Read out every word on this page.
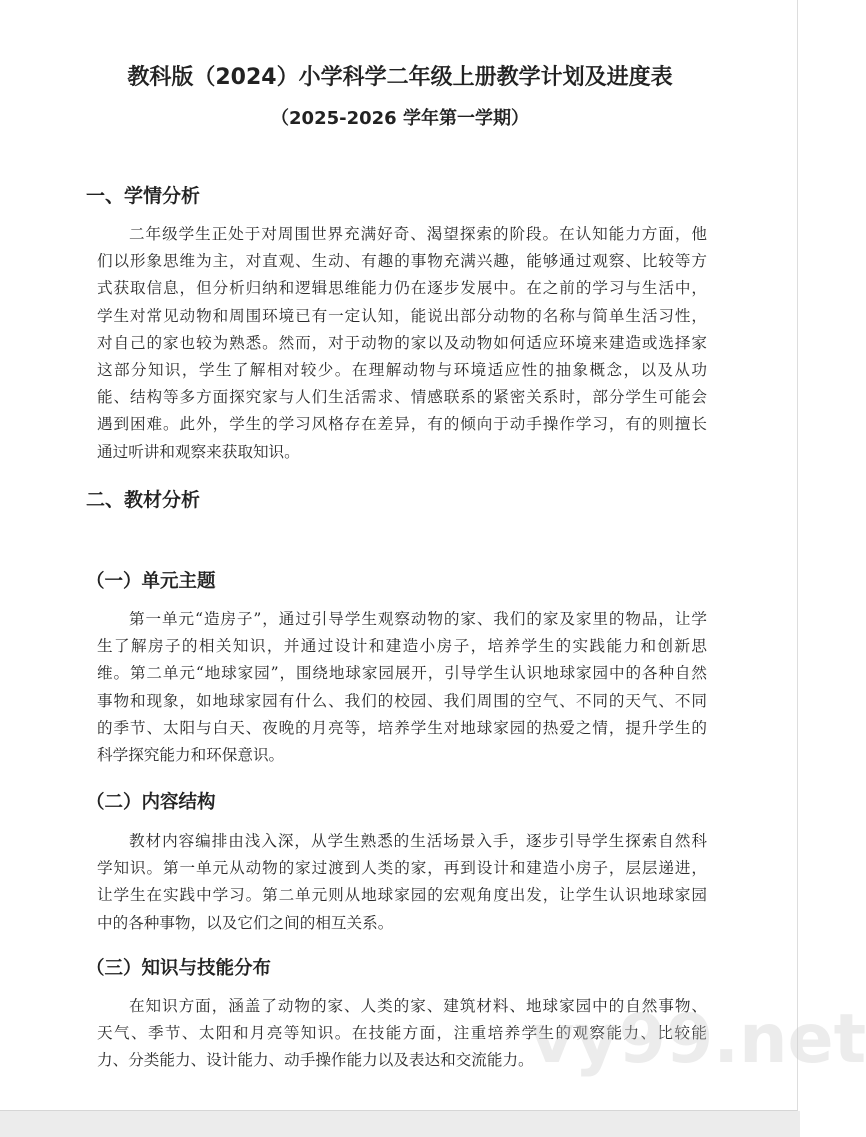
教科版（2024）小学科学二年级上册教学计划及进度表
（2025-2026 学年第一学期）
一、学情分析
二年级学生正处于对周围世界充满好奇、渴望探索的阶段。在认知能力方面，他
们以形象思维为主，对直观、生动、有趣的事物充满兴趣，能够通过观察、比较等方
式获取信息，但分析归纳和逻辑思维能力仍在逐步发展中。在之前的学习与生活中，
学生对常见动物和周围环境已有一定认知，能说出部分动物的名称与简单生活习性，
对自己的家也较为熟悉。然而，对于动物的家以及动物如何适应环境来建造或选择家
这部分知识，学生了解相对较少。在理解动物与环境适应性的抽象概念，以及从功
能、结构等多方面探究家与人们生活需求、情感联系的紧密关系时，部分学生可能会
遇到困难。此外，学生的学习风格存在差异，有的倾向于动手操作学习，有的则擅长
通过听讲和观察来获取知识。
二、教材分析
（一）单元主题
第一单元“造房子”，通过引导学生观察动物的家、我们的家及家里的物品，让学
生了解房子的相关知识，并通过设计和建造小房子，培养学生的实践能力和创新思
维。第二单元“地球家园”，围绕地球家园展开，引导学生认识地球家园中的各种自然
事物和现象，如地球家园有什么、我们的校园、我们周围的空气、不同的天气、不同
的季节、太阳与白天、夜晚的月亮等，培养学生对地球家园的热爱之情，提升学生的
科学探究能力和环保意识。
（二）内容结构
教材内容编排由浅入深，从学生熟悉的生活场景入手，逐步引导学生探索自然科
学知识。第一单元从动物的家过渡到人类的家，再到设计和建造小房子，层层递进，
让学生在实践中学习。第二单元则从地球家园的宏观角度出发，让学生认识地球家园
中的各种事物，以及它们之间的相互关系。
（三）知识与技能分布
在知识方面，涵盖了动物的家、人类的家、建筑材料、地球家园中的自然事物、
天气、季节、太阳和月亮等知识。在技能方面，注重培养学生的观察能力、比较能
力、分类能力、设计能力、动手操作能力以及表达和交流能力。
vy99.net
